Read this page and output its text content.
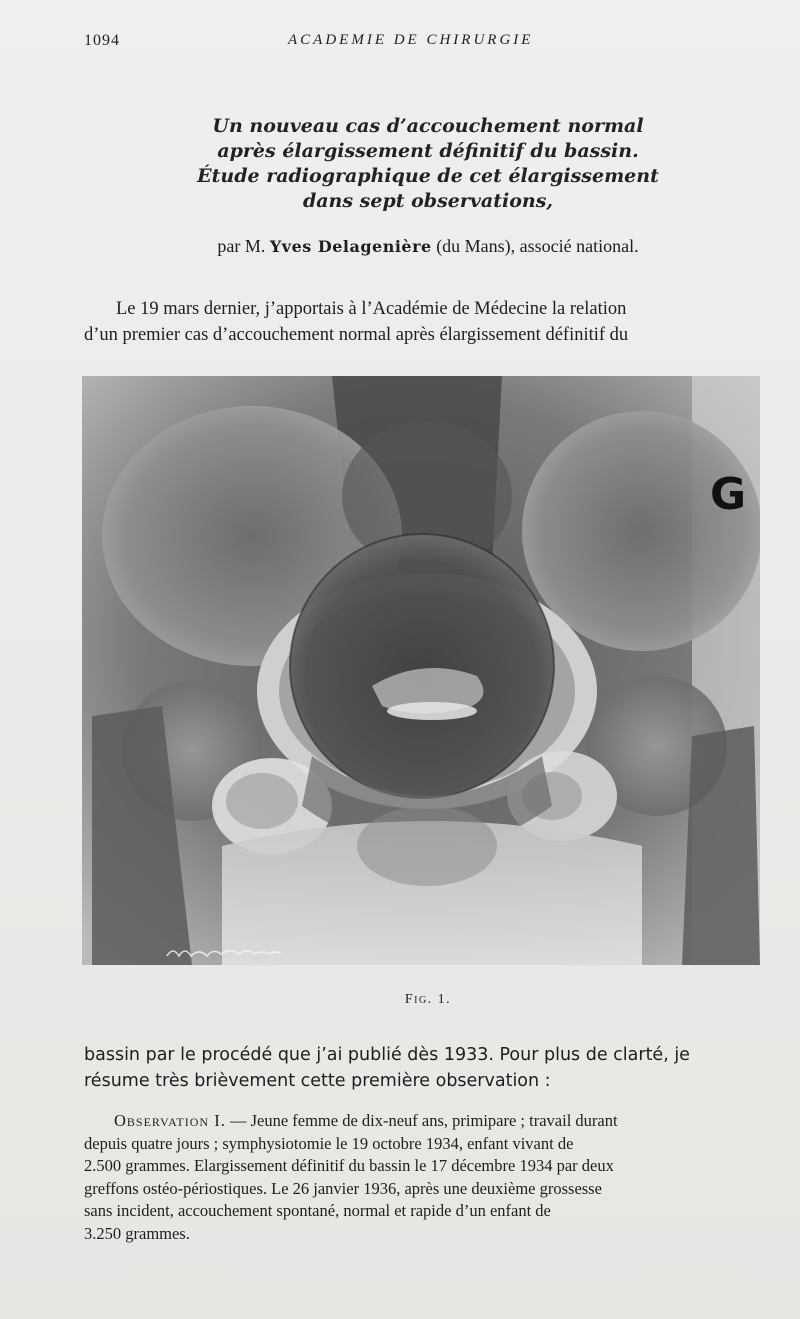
1094	ACADEMIE DE CHIRURGIE
Un nouveau cas d’accouchement normal
après élargissement définitif du bassin.
Étude radiographique de cet élargissement
dans sept observations,
par M. Yves Delagenière (du Mans), associé national.
Le 19 mars dernier, j’apportais à l’Académie de Médecine la relation
d’un premier cas d’accouchement normal après élargissement définitif du
G
Fig. 1.
bassin par le procédé que j’ai publié dès 1933. Pour plus de clarté, je
résume très brièvement cette première observation :
Observation I. — Jeune femme de dix-neuf ans, primipare ; travail durant
depuis quatre jours ; symphysiotomie le 19 octobre 1934, enfant vivant de
2.500 grammes. Elargissement définitif du bassin le 17 décembre 1934 par deux
greffons ostéo-périostiques. Le 26 janvier 1936, après une deuxième grossesse
sans incident, accouchement spontané, normal et rapide d’un enfant de
3.250 grammes.
